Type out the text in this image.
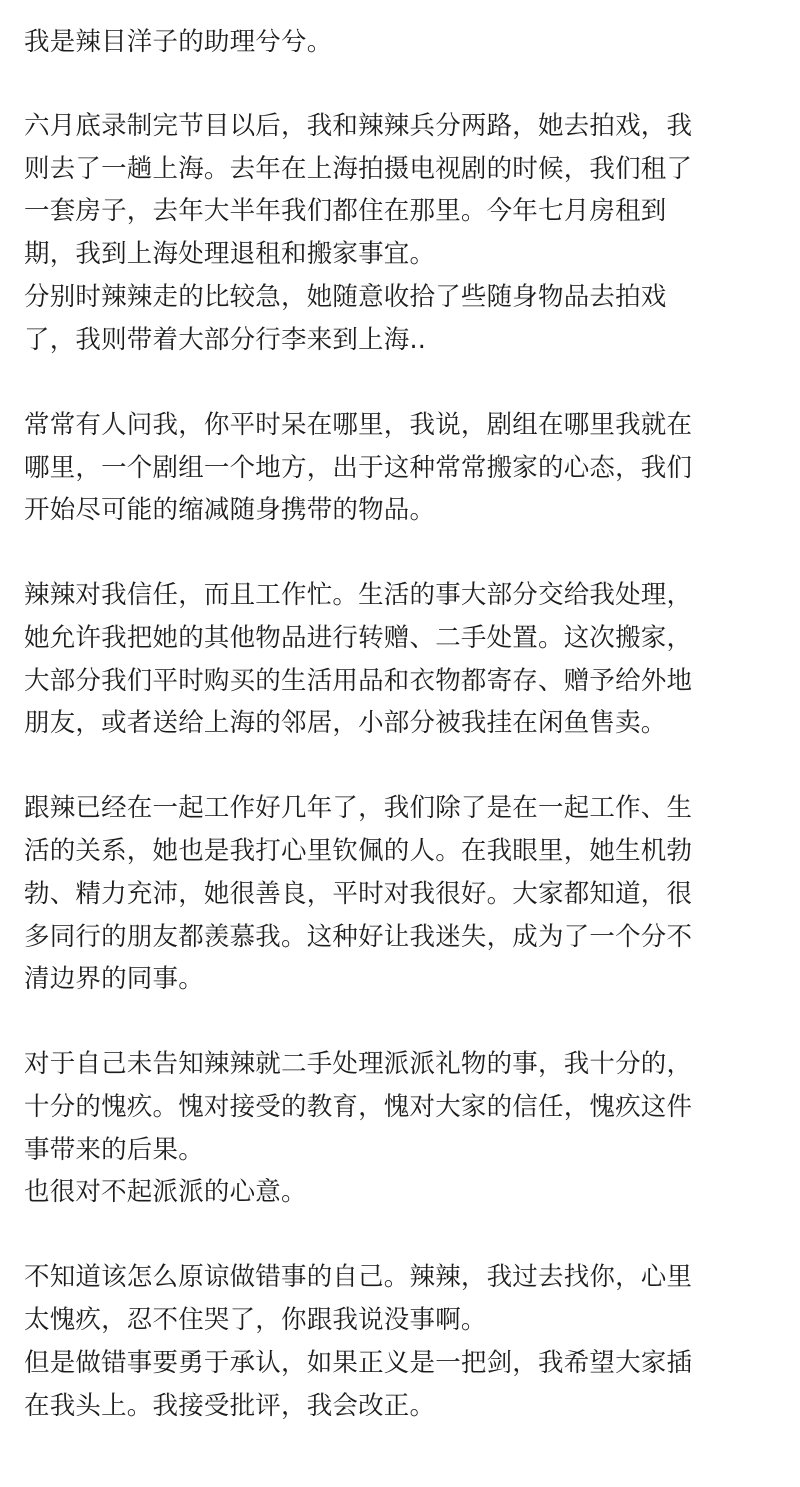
我是辣目洋子的助理兮兮。
六月底录制完节目以后，我和辣辣兵分两路，她去拍戏，我
则去了一趟上海。去年在上海拍摄电视剧的时候，我们租了
一套房子，去年大半年我们都住在那里。今年七月房租到
期，我到上海处理退租和搬家事宜。
分别时辣辣走的比较急，她随意收拾了些随身物品去拍戏
了，我则带着大部分行李来到上海..
常常有人问我，你平时呆在哪里，我说，剧组在哪里我就在
哪里，一个剧组一个地方，出于这种常常搬家的心态，我们
开始尽可能的缩减随身携带的物品。
辣辣对我信任，而且工作忙。生活的事大部分交给我处理，
她允许我把她的其他物品进行转赠、二手处置。这次搬家，
大部分我们平时购买的生活用品和衣物都寄存、赠予给外地
朋友，或者送给上海的邻居，小部分被我挂在闲鱼售卖。
跟辣已经在一起工作好几年了，我们除了是在一起工作、生
活的关系，她也是我打心里钦佩的人。在我眼里，她生机勃
勃、精力充沛，她很善良，平时对我很好。大家都知道，很
多同行的朋友都羡慕我。这种好让我迷失，成为了一个分不
清边界的同事。
对于自己未告知辣辣就二手处理派派礼物的事，我十分的，
十分的愧疚。愧对接受的教育，愧对大家的信任，愧疚这件
事带来的后果。
也很对不起派派的心意。
不知道该怎么原谅做错事的自己。辣辣，我过去找你，心里
太愧疚，忍不住哭了，你跟我说没事啊。
但是做错事要勇于承认，如果正义是一把剑，我希望大家插
在我头上。我接受批评，我会改正。
